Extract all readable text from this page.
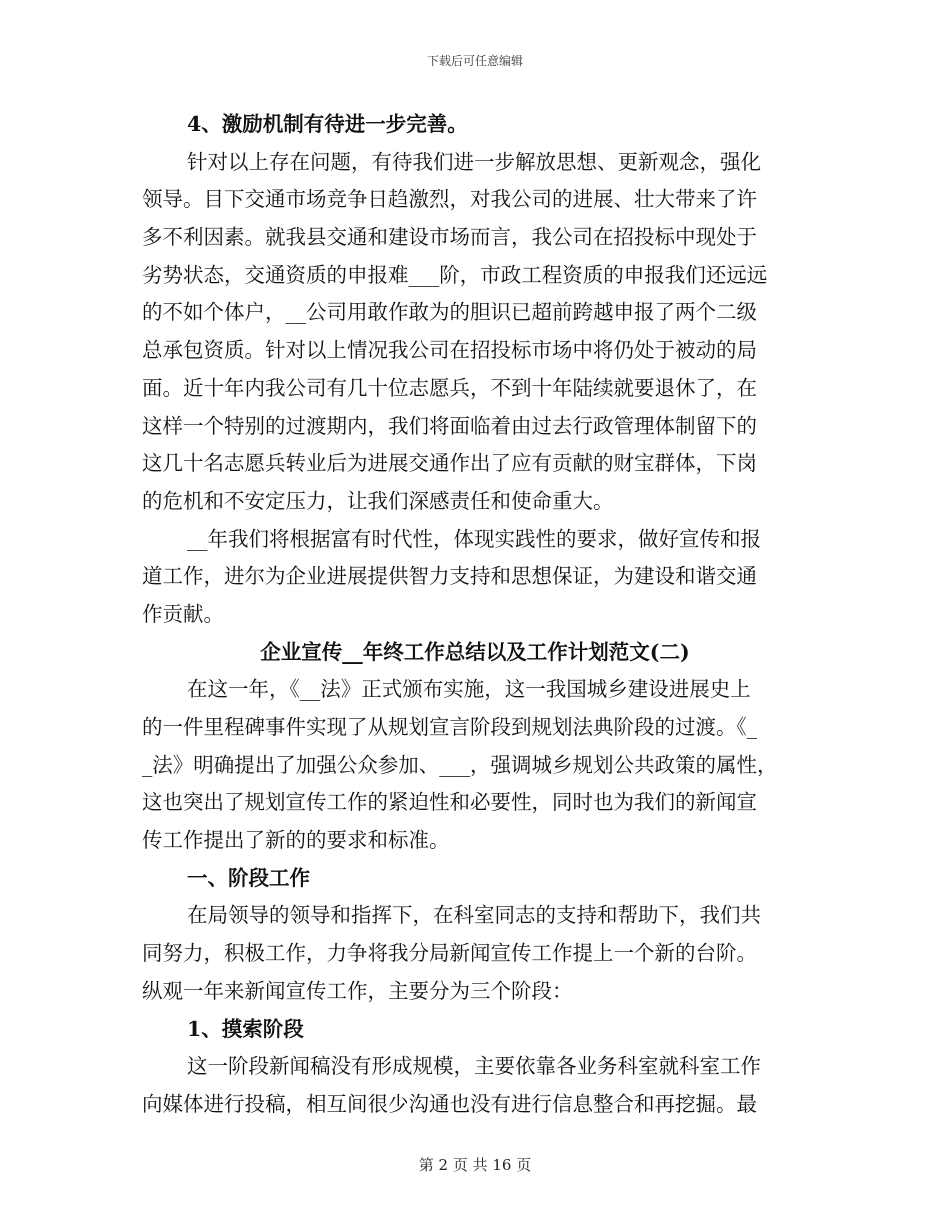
下载后可任意编辑
4、激励机制有待进一步完善。
针对以上存在问题，有待我们进一步解放思想、更新观念，强化
领导。目下交通市场竞争日趋激烈，对我公司的进展、壮大带来了许
多不利因素。就我县交通和建设市场而言，我公司在招投标中现处于
劣势状态，交通资质的申报难___阶，市政工程资质的申报我们还远远
的不如个体户，__公司用敢作敢为的胆识已超前跨越申报了两个二级
总承包资质。针对以上情况我公司在招投标市场中将仍处于被动的局
面。近十年内我公司有几十位志愿兵，不到十年陆续就要退休了，在
这样一个特别的过渡期内，我们将面临着由过去行政管理体制留下的
这几十名志愿兵转业后为进展交通作出了应有贡献的财宝群体，下岗
的危机和不安定压力，让我们深感责任和使命重大。
__年我们将根据富有时代性，体现实践性的要求，做好宣传和报
道工作，进尔为企业进展提供智力支持和思想保证，为建设和谐交通
作贡献。
企业宣传__年终工作总结以及工作计划范文(二)
在这一年，《__法》正式颁布实施，这一我国城乡建设进展史上
的一件里程碑事件实现了从规划宣言阶段到规划法典阶段的过渡。《_
_法》明确提出了加强公众参加、___，强调城乡规划公共政策的属性，
这也突出了规划宣传工作的紧迫性和必要性，同时也为我们的新闻宣
传工作提出了新的的要求和标准。
一、阶段工作
在局领导的领导和指挥下，在科室同志的支持和帮助下，我们共
同努力，积极工作，力争将我分局新闻宣传工作提上一个新的台阶。
纵观一年来新闻宣传工作，主要分为三个阶段：
1、摸索阶段
这一阶段新闻稿没有形成规模，主要依靠各业务科室就科室工作
向媒体进行投稿，相互间很少沟通也没有进行信息整合和再挖掘。最
第 2 页 共 16 页
